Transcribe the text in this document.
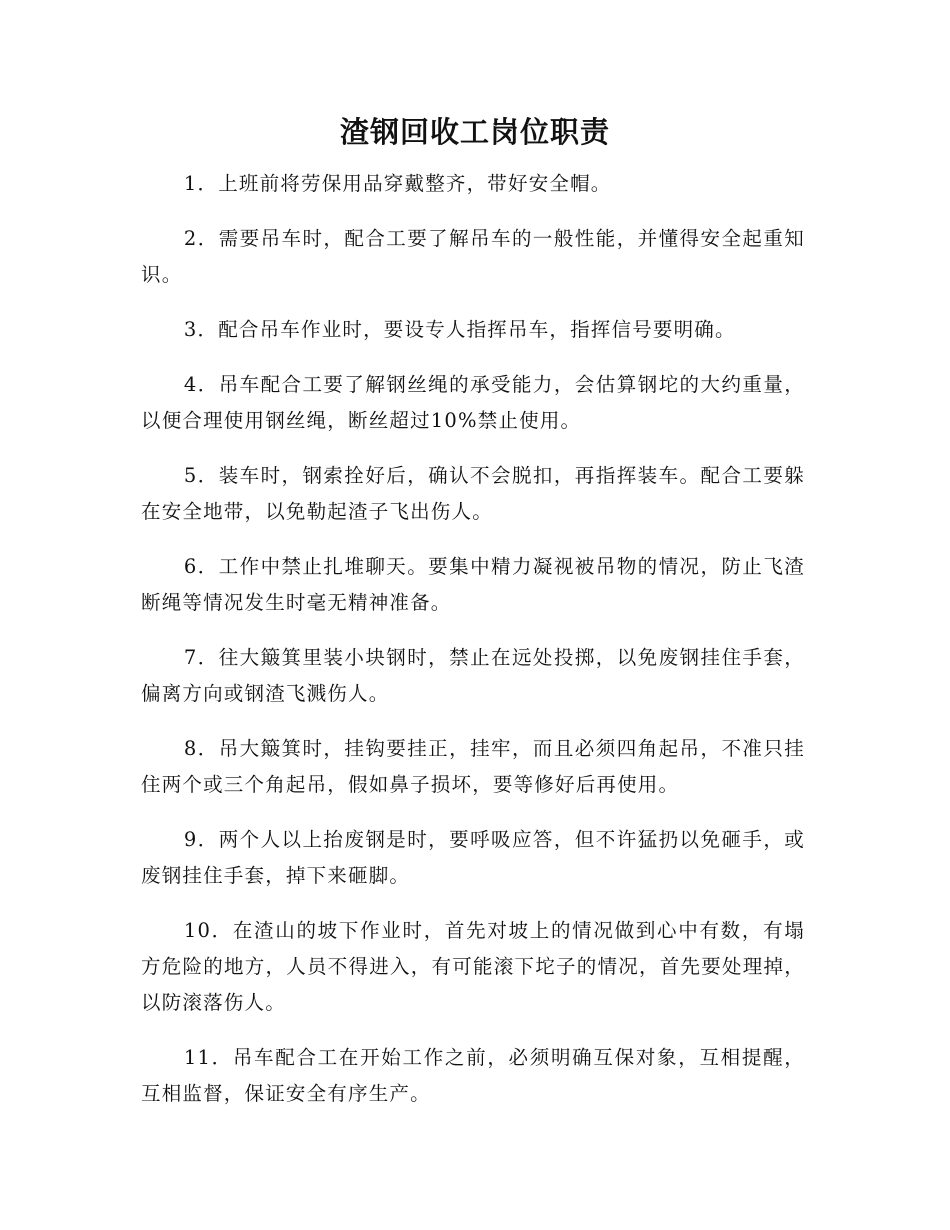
渣钢回收工岗位职责

1．上班前将劳保用品穿戴整齐，带好安全帽。

2．需要吊车时，配合工要了解吊车的一般性能，并懂得安全起重知识。

3．配合吊车作业时，要设专人指挥吊车，指挥信号要明确。

4．吊车配合工要了解钢丝绳的承受能力，会估算钢坨的大约重量，以便合理使用钢丝绳，断丝超过10%禁止使用。

5．装车时，钢索拴好后，确认不会脱扣，再指挥装车。配合工要躲在安全地带，以免勒起渣子飞出伤人。

6．工作中禁止扎堆聊天。要集中精力凝视被吊物的情况，防止飞渣断绳等情况发生时毫无精神准备。

7．往大簸箕里装小块钢时，禁止在远处投掷，以免废钢挂住手套，偏离方向或钢渣飞溅伤人。

8．吊大簸箕时，挂钩要挂正，挂牢，而且必须四角起吊，不准只挂住两个或三个角起吊，假如鼻子损坏，要等修好后再使用。

9．两个人以上抬废钢是时，要呼吸应答，但不许猛扔以免砸手，或废钢挂住手套，掉下来砸脚。

10．在渣山的坡下作业时，首先对坡上的情况做到心中有数，有塌方危险的地方，人员不得进入，有可能滚下坨子的情况，首先要处理掉，以防滚落伤人。

11．吊车配合工在开始工作之前，必须明确互保对象，互相提醒，互相监督，保证安全有序生产。
